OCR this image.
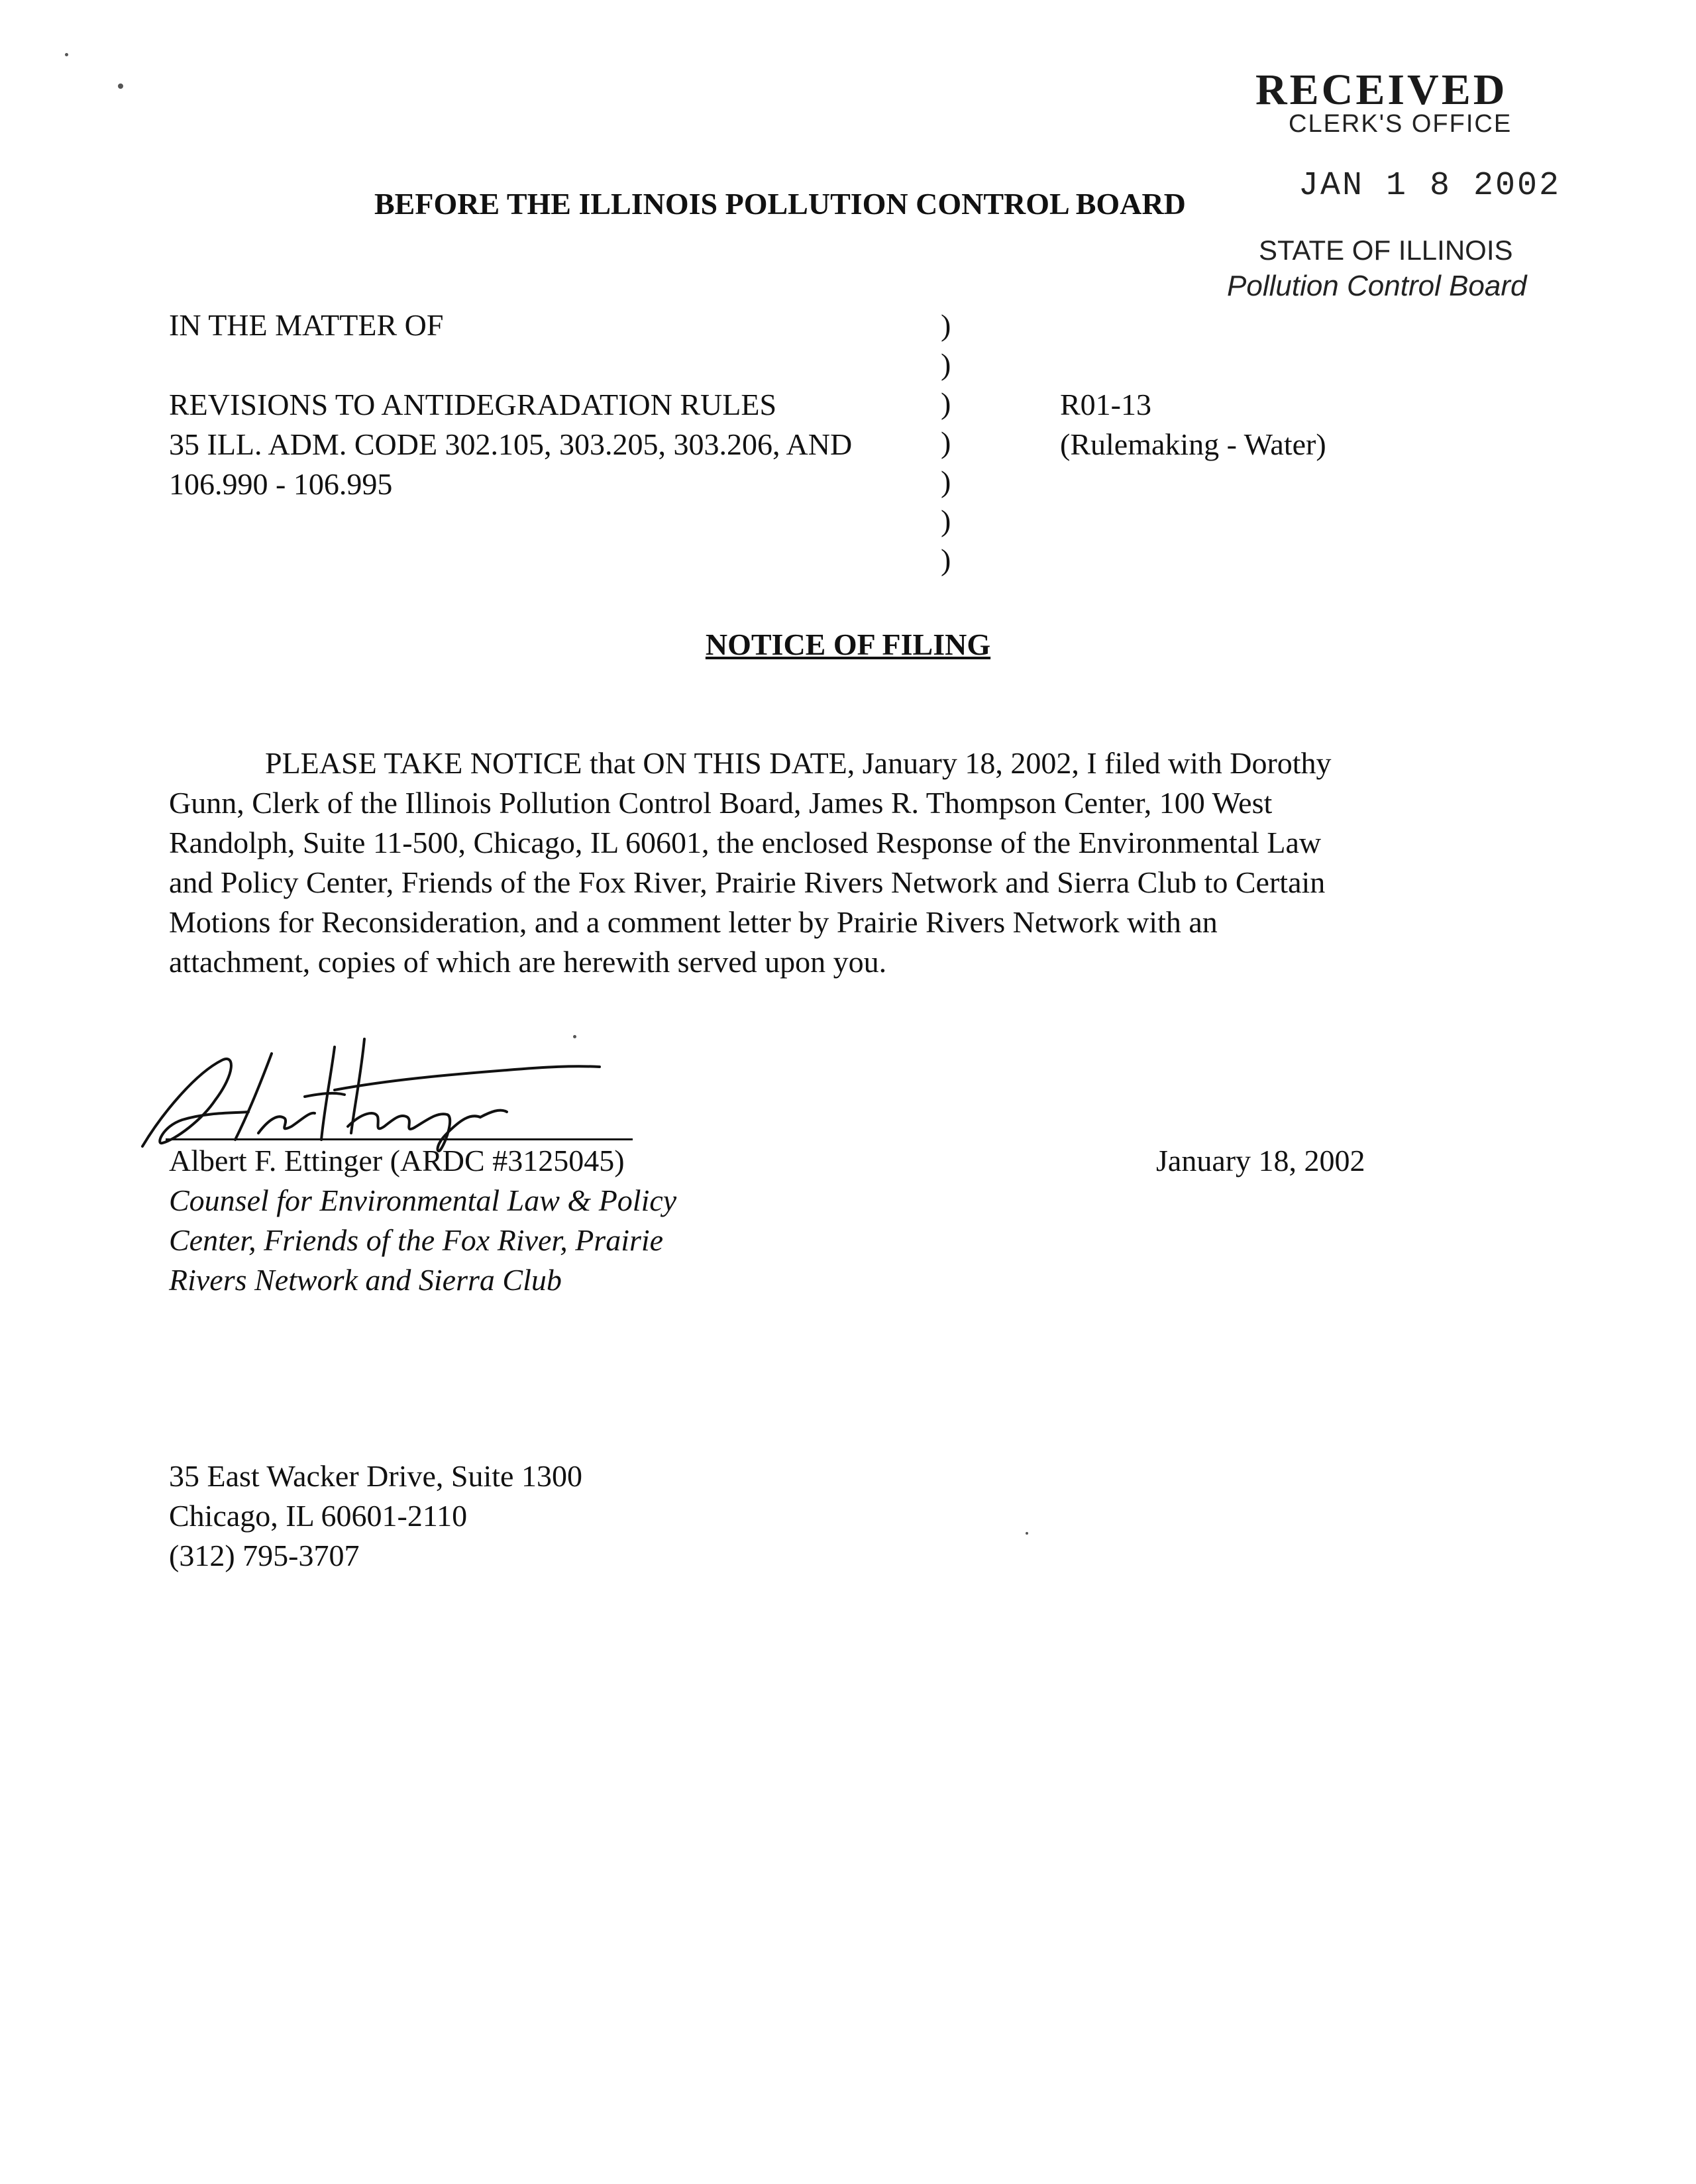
RECEIVED
CLERK'S OFFICE
JAN 1 8 2002
STATE OF ILLINOIS
Pollution Control Board
BEFORE THE ILLINOIS POLLUTION CONTROL BOARD
IN THE MATTER OF
REVISIONS TO ANTIDEGRADATION RULES
35 ILL. ADM. CODE 302.105, 303.205, 303.206, AND
106.990 - 106.995
)
)
)
)
)
)
)
R01-13
(Rulemaking - Water)
NOTICE OF FILING
PLEASE TAKE NOTICE that ON THIS DATE, January 18, 2002, I filed with Dorothy
Gunn, Clerk of the Illinois Pollution Control Board, James R. Thompson Center, 100 West
Randolph, Suite 11-500, Chicago, IL 60601, the enclosed Response of the Environmental Law
and Policy Center, Friends of the Fox River, Prairie Rivers Network and Sierra Club to Certain
Motions for Reconsideration, and a comment letter by Prairie Rivers Network with an
attachment, copies of which are herewith served upon you.
Albert F. Ettinger (ARDC #3125045)
Counsel for Environmental Law & Policy
Center, Friends of the Fox River, Prairie
Rivers Network and Sierra Club
January 18, 2002
35 East Wacker Drive, Suite 1300
Chicago, IL 60601-2110
(312) 795-3707
